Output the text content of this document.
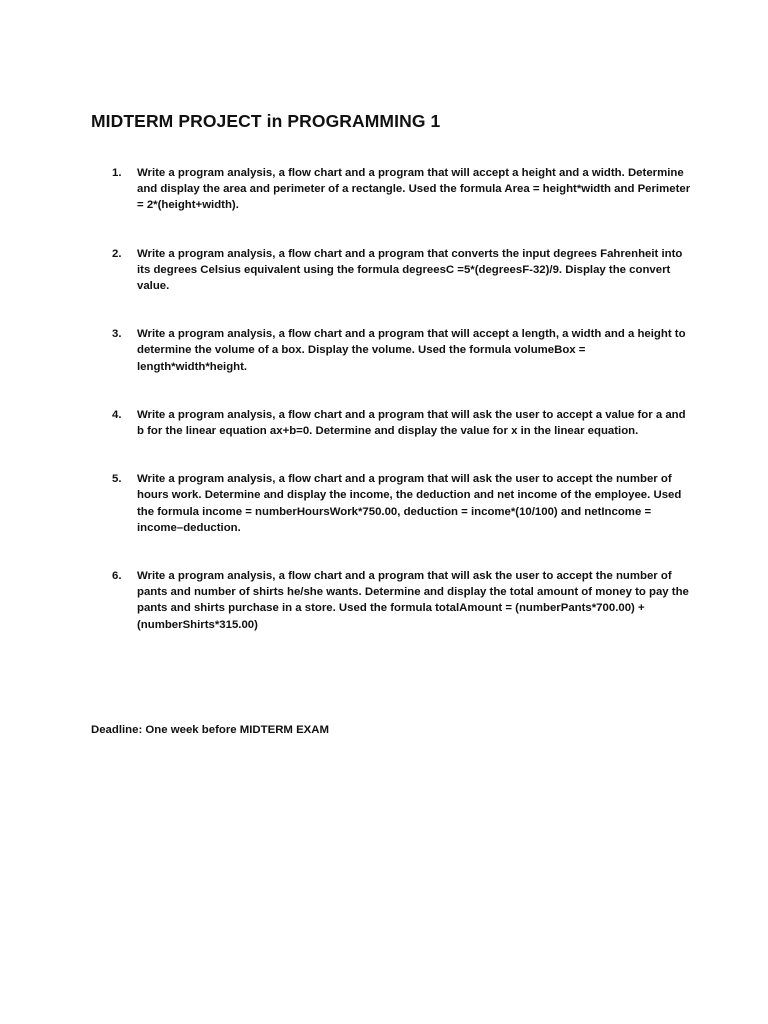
MIDTERM PROJECT in PROGRAMMING 1
1. Write a program analysis, a flow chart and a program that will accept a height and a width. Determine and display the area and perimeter of a rectangle. Used the formula Area = height*width and Perimeter = 2*(height+width).
2. Write a program analysis, a flow chart and a program that converts the input degrees Fahrenheit into its degrees Celsius equivalent using the formula degreesC =5*(degreesF-32)/9. Display the convert value.
3. Write a program analysis, a flow chart and a program that will accept a length, a width and a height to determine the volume of a box. Display the volume. Used the formula volumeBox = length*width*height.
4. Write a program analysis, a flow chart and a program that will ask the user to accept a value for a and b for the linear equation ax+b=0. Determine and display the value for x in the linear equation.
5. Write a program analysis, a flow chart and a program that will ask the user to accept the number of hours work. Determine and display the income, the deduction and net income of the employee. Used the formula income = numberHoursWork*750.00, deduction = income*(10/100) and netIncome = income–deduction.
6. Write a program analysis, a flow chart and a program that will ask the user to accept the number of pants and number of shirts he/she wants. Determine and display the total amount of money to pay the pants and shirts purchase in a store. Used the formula totalAmount = (numberPants*700.00) + (numberShirts*315.00)
Deadline: One week before MIDTERM EXAM
